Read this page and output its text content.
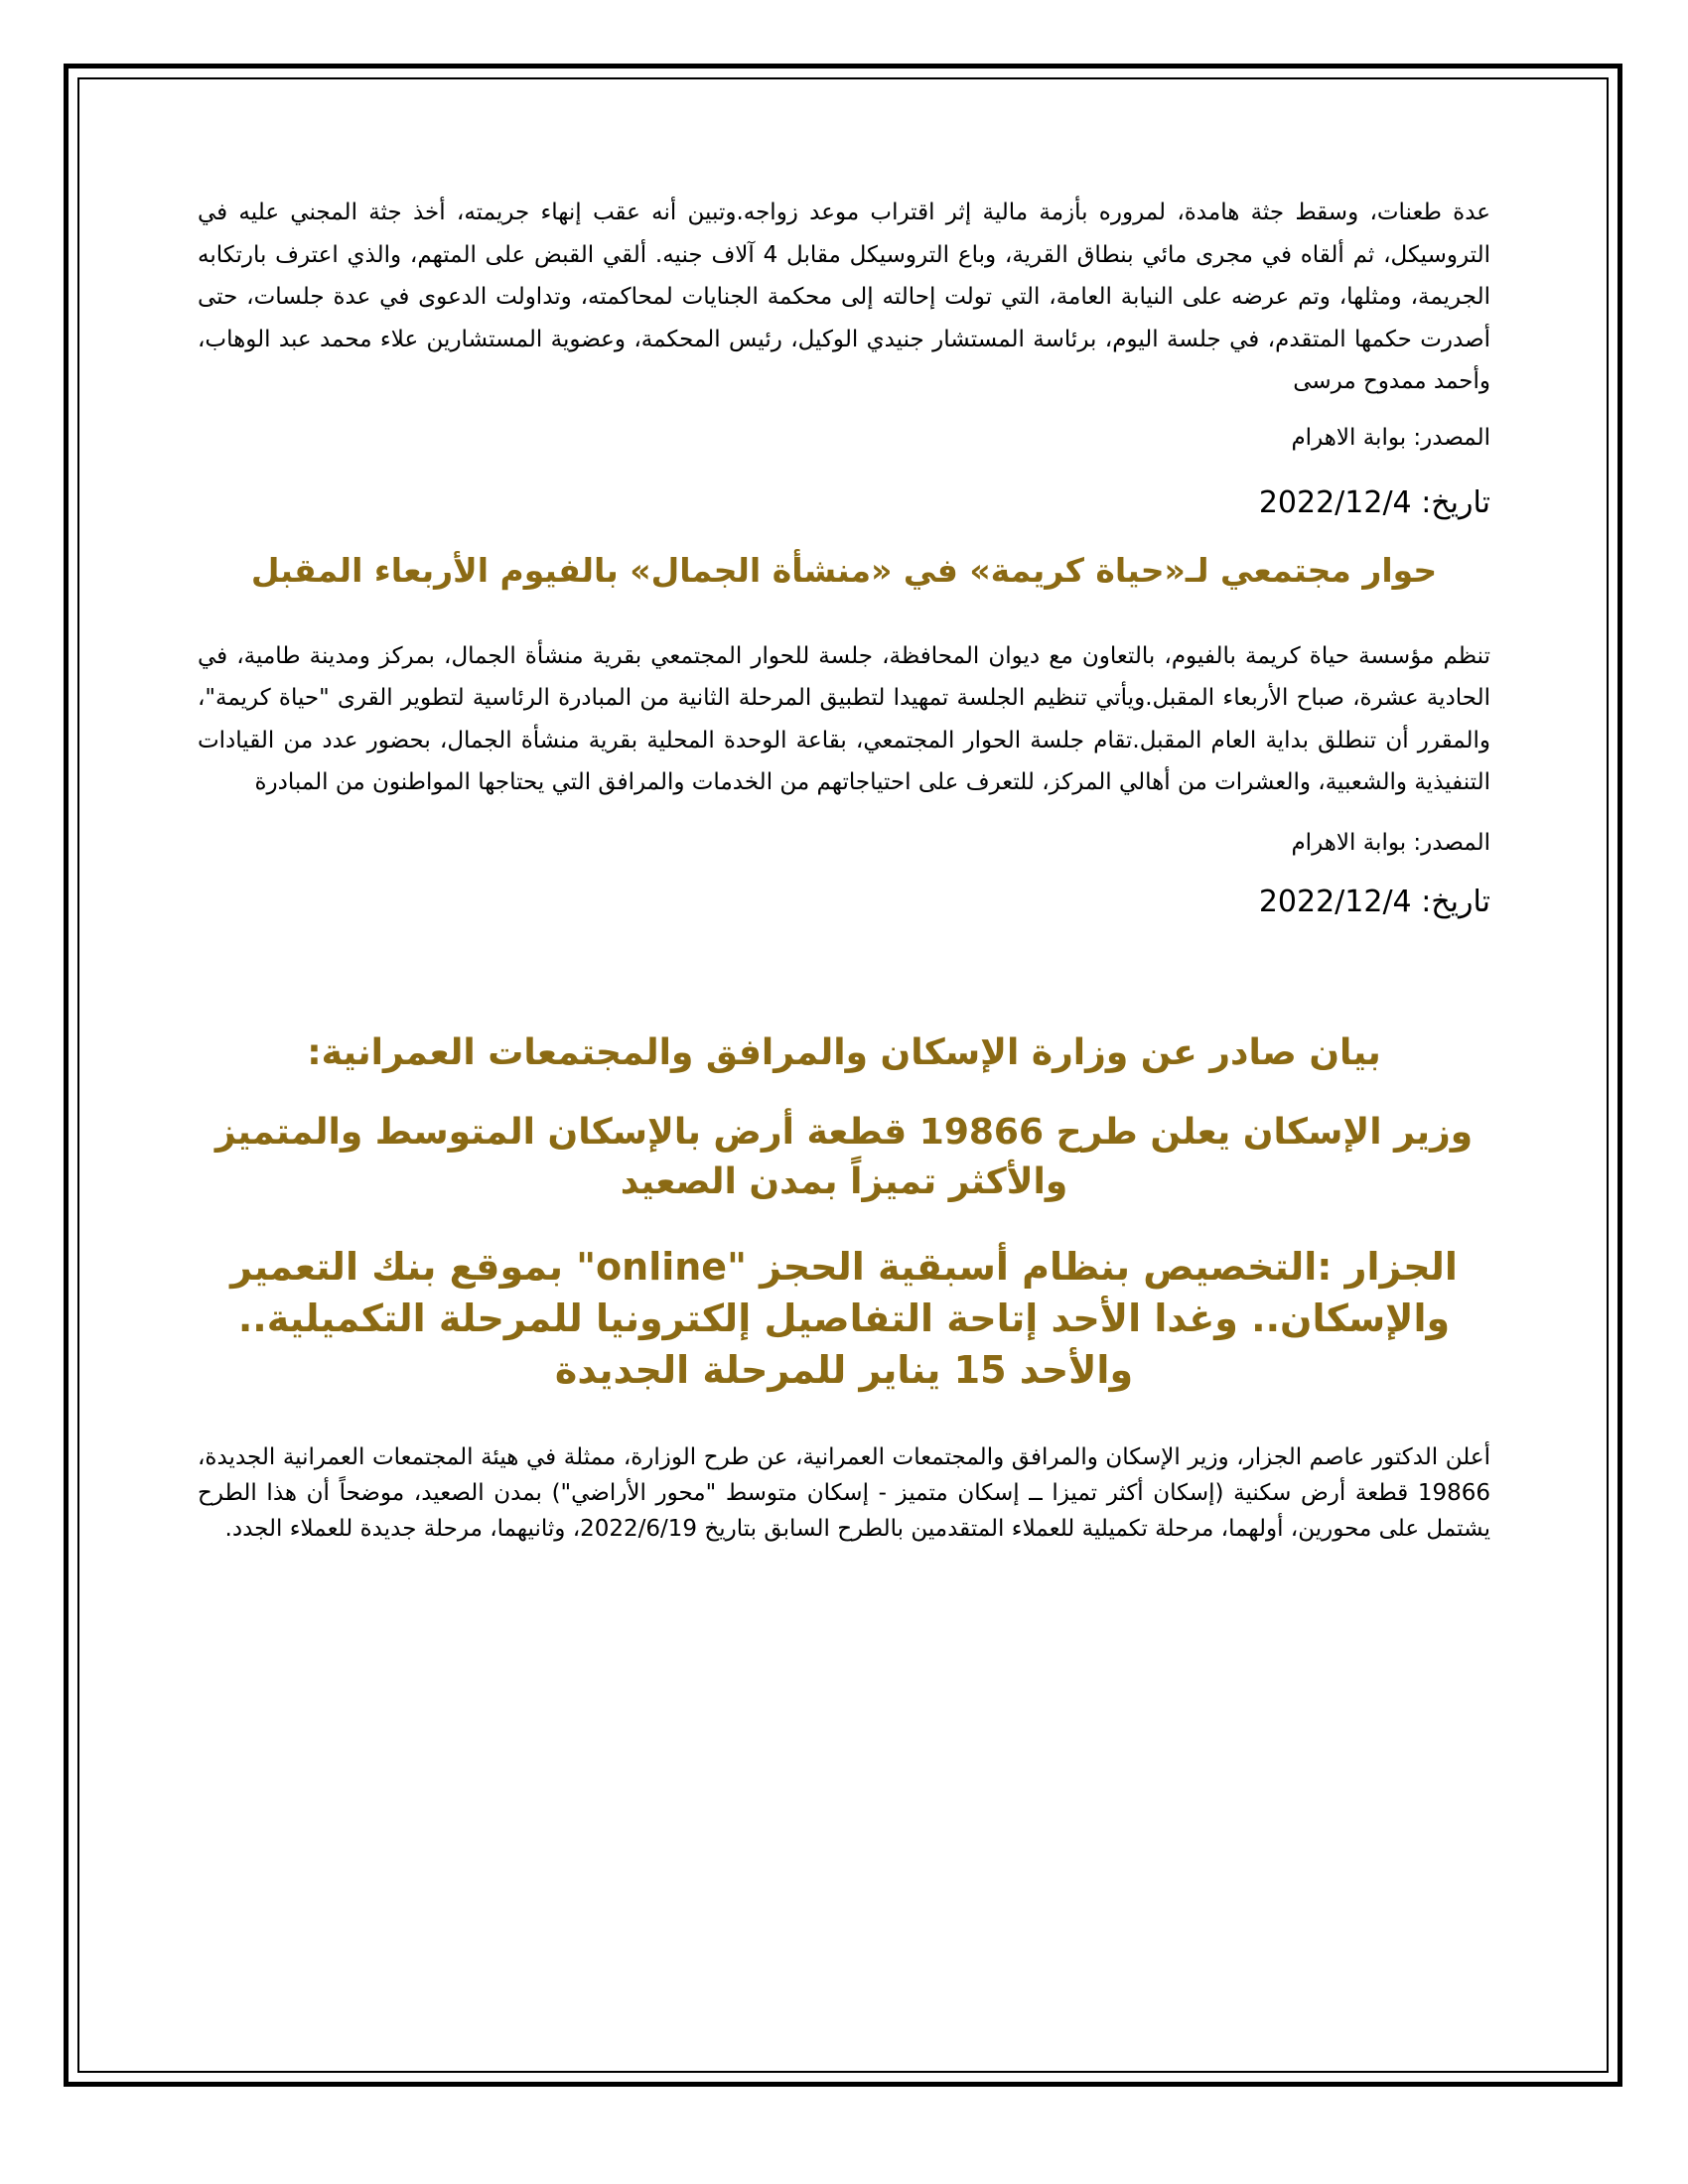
عدة طعنات، وسقط جثة هامدة، لمروره بأزمة مالية إثر اقتراب موعد زواجه.وتبين أنه عقب إنهاء جريمته، أخذ جثة المجني عليه في التروسيكل، ثم ألقاه في مجرى مائي بنطاق القرية، وباع التروسيكل مقابل 4 آلاف جنيه. ألقي القبض على المتهم، والذي اعترف بارتكابه الجريمة، ومثلها، وتم عرضه على النيابة العامة، التي تولت إحالته إلى محكمة الجنايات لمحاكمته، وتداولت الدعوى في عدة جلسات، حتى أصدرت حكمها المتقدم، في جلسة اليوم، برئاسة المستشار جنيدي الوكيل، رئيس المحكمة، وعضوية المستشارين علاء محمد عبد الوهاب، وأحمد ممدوح مرسى

المصدر: بوابة الاهرام

تاريخ: 2022/12/4

حوار مجتمعي لـ«حياة كريمة» في «منشأة الجمال» بالفيوم الأربعاء المقبل

تنظم مؤسسة حياة كريمة بالفيوم، بالتعاون مع ديوان المحافظة، جلسة للحوار المجتمعي بقرية منشأة الجمال، بمركز ومدينة طامية، في الحادية عشرة، صباح الأربعاء المقبل.ويأتي تنظيم الجلسة تمهيدا لتطبيق المرحلة الثانية من المبادرة الرئاسية لتطوير القرى "حياة كريمة"، والمقرر أن تنطلق بداية العام المقبل.تقام جلسة الحوار المجتمعي، بقاعة الوحدة المحلية بقرية منشأة الجمال، بحضور عدد من القيادات التنفيذية والشعبية، والعشرات من أهالي المركز، للتعرف على احتياجاتهم من الخدمات والمرافق التي يحتاجها المواطنون من المبادرة

المصدر: بوابة الاهرام

تاريخ: 2022/12/4

بيان صادر عن وزارة الإسكان والمرافق والمجتمعات العمرانية:
وزير الإسكان يعلن طرح 19866 قطعة أرض بالإسكان المتوسط والمتميز والأكثر تميزاً بمدن الصعيد
الجزار :التخصيص بنظام أسبقية الحجز "online" بموقع بنك التعمير والإسكان.. وغدا الأحد إتاحة التفاصيل إلكترونيا للمرحلة التكميلية.. والأحد 15 يناير للمرحلة الجديدة

أعلن الدكتور عاصم الجزار، وزير الإسكان والمرافق والمجتمعات العمرانية، عن طرح الوزارة، ممثلة في هيئة المجتمعات العمرانية الجديدة، 19866 قطعة أرض سكنية (إسكان أكثر تميزا ــ إسكان متميز - إسكان متوسط "محور الأراضي") بمدن الصعيد، موضحاً أن هذا الطرح يشتمل على محورين، أولهما، مرحلة تكميلية للعملاء المتقدمين بالطرح السابق بتاريخ 2022/6/19، وثانيهما، مرحلة جديدة للعملاء الجدد.
